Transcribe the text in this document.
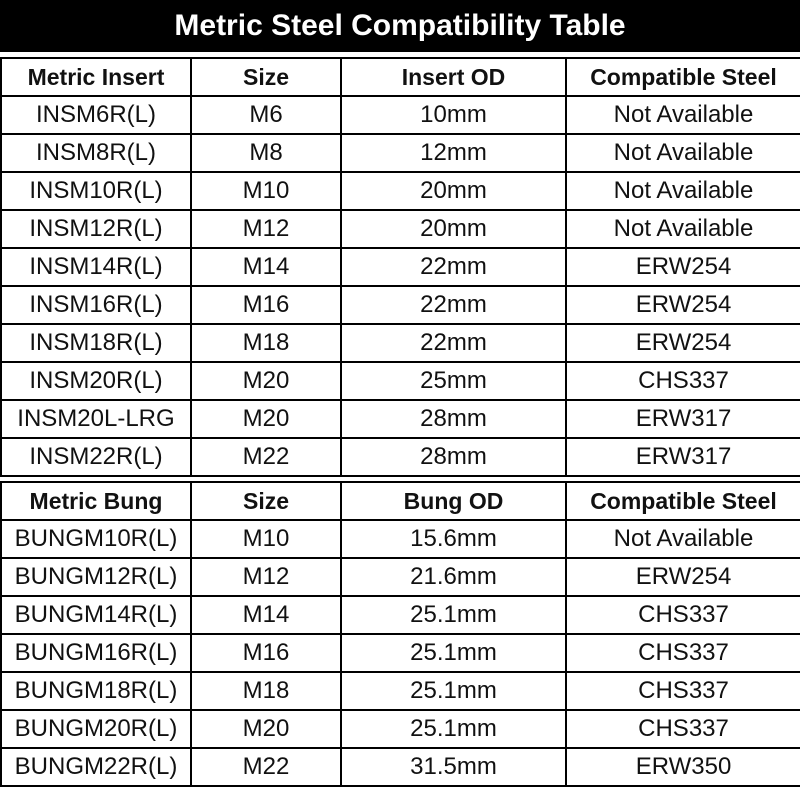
Metric Steel Compatibility Table
Metric Insert	Size	Insert OD	Compatible Steel
INSM6R(L)	M6	10mm	Not Available
INSM8R(L)	M8	12mm	Not Available
INSM10R(L)	M10	20mm	Not Available
INSM12R(L)	M12	20mm	Not Available
INSM14R(L)	M14	22mm	ERW254
INSM16R(L)	M16	22mm	ERW254
INSM18R(L)	M18	22mm	ERW254
INSM20R(L)	M20	25mm	CHS337
INSM20L-LRG	M20	28mm	ERW317
INSM22R(L)	M22	28mm	ERW317
Metric Bung	Size	Bung OD	Compatible Steel
BUNGM10R(L)	M10	15.6mm	Not Available
BUNGM12R(L)	M12	21.6mm	ERW254
BUNGM14R(L)	M14	25.1mm	CHS337
BUNGM16R(L)	M16	25.1mm	CHS337
BUNGM18R(L)	M18	25.1mm	CHS337
BUNGM20R(L)	M20	25.1mm	CHS337
BUNGM22R(L)	M22	31.5mm	ERW350
